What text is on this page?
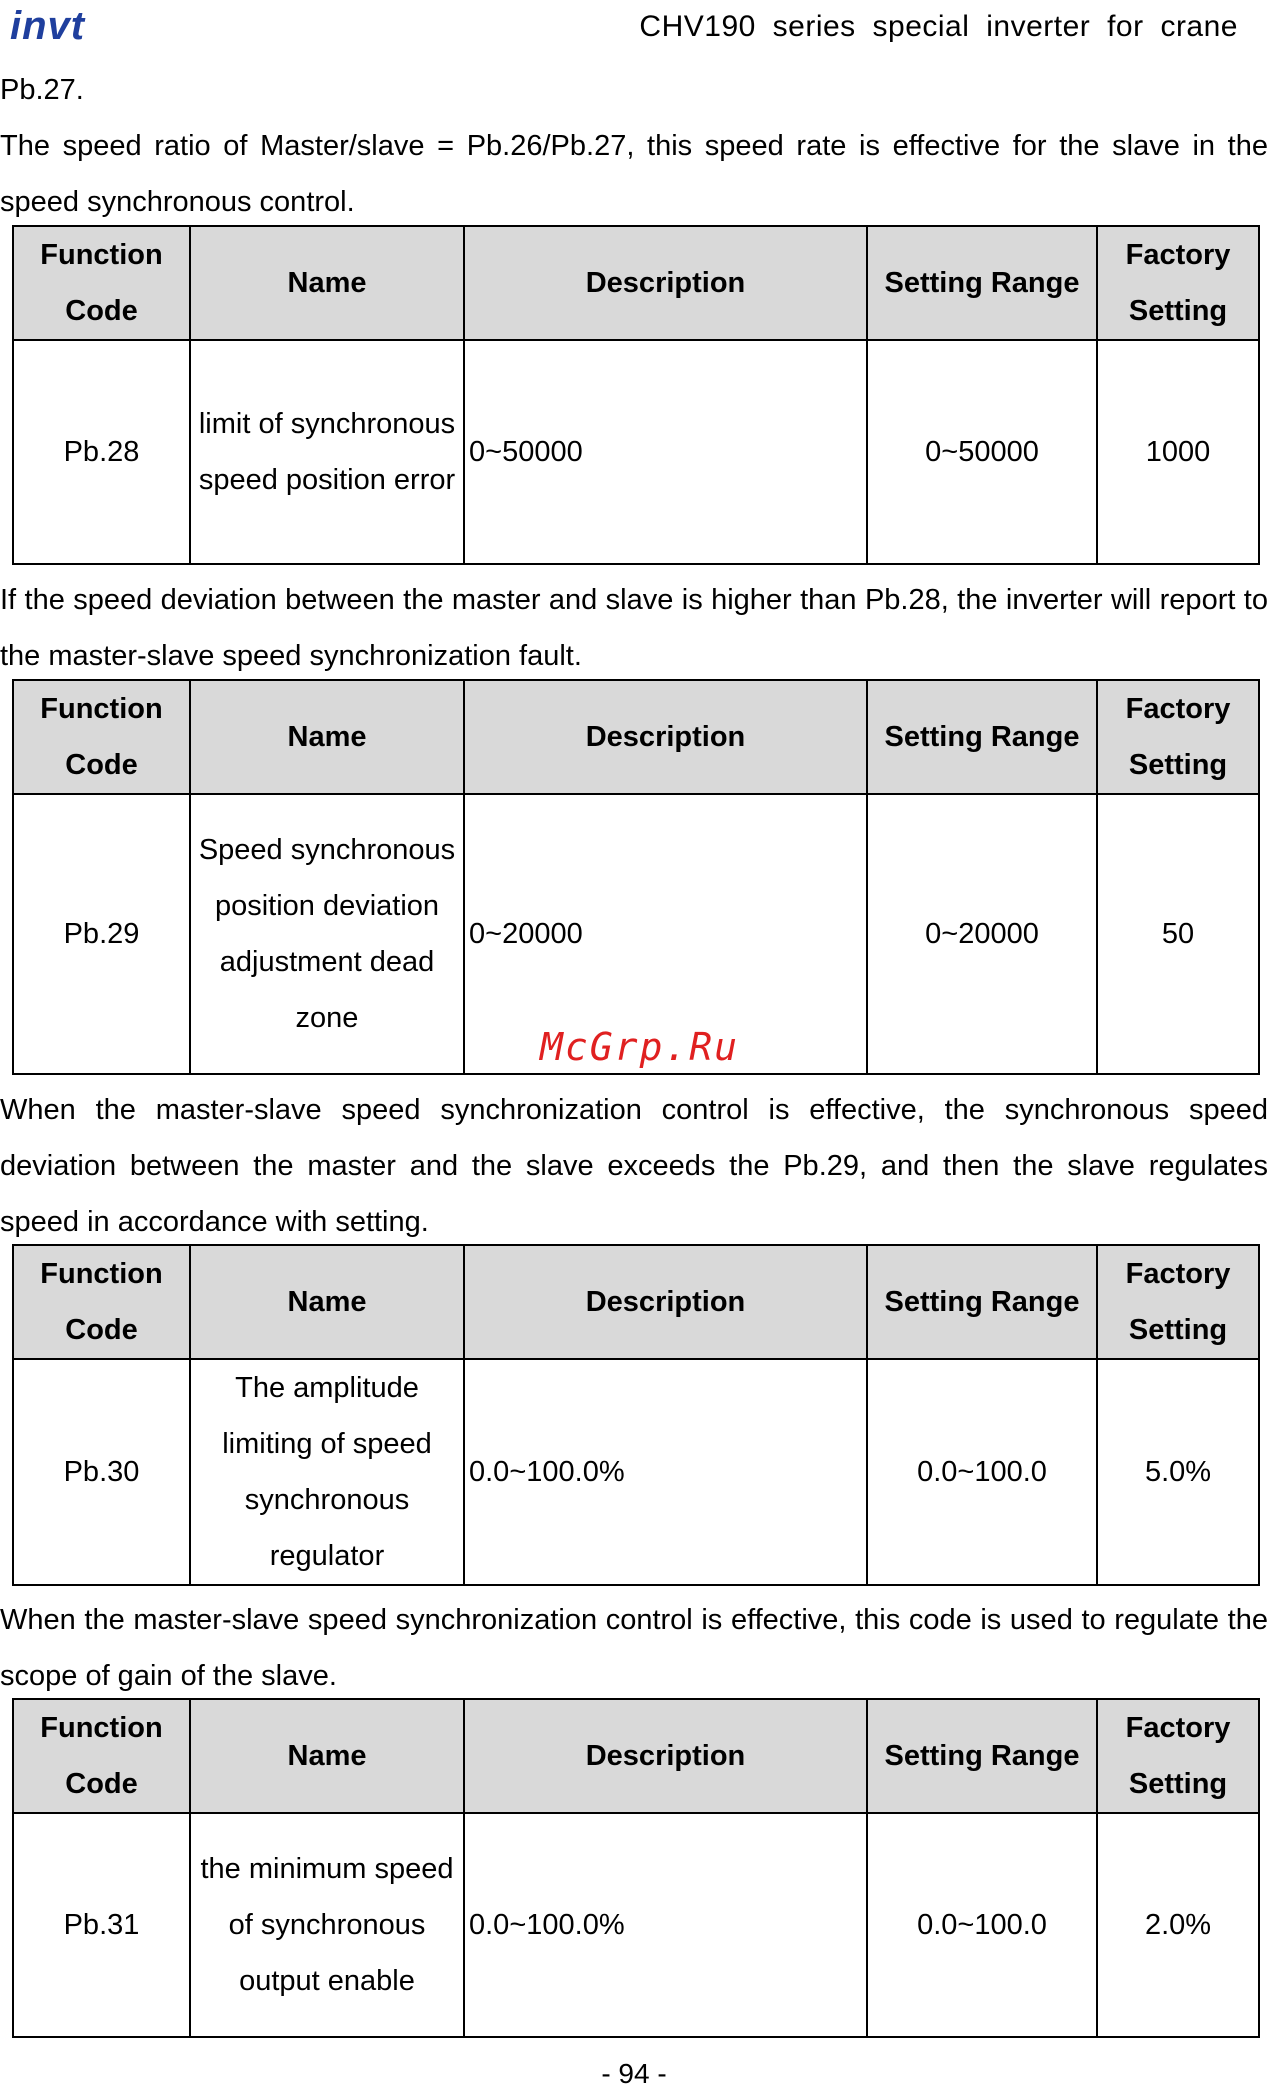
invt	CHV190 series special inverter for crane

Pb.27.

The speed ratio of Master/slave = Pb.26/Pb.27, this speed rate is effective for the slave in the speed synchronous control.

Function Code	Name	Description	Setting Range	Factory Setting
Pb.28	limit of synchronous speed position error	0~50000	0~50000	1000

If the speed deviation between the master and slave is higher than Pb.28, the inverter will report to the master-slave speed synchronization fault.

Function Code	Name	Description	Setting Range	Factory Setting
Pb.29	Speed synchronous position deviation adjustment dead zone	0~20000	0~20000	50

When the master-slave speed synchronization control is effective, the synchronous speed deviation between the master and the slave exceeds the Pb.29, and then the slave regulates speed in accordance with setting.

Function Code	Name	Description	Setting Range	Factory Setting
Pb.30	The amplitude limiting of speed synchronous regulator	0.0~100.0%	0.0~100.0	5.0%

When the master-slave speed synchronization control is effective, this code is used to regulate the scope of gain of the slave.

Function Code	Name	Description	Setting Range	Factory Setting
Pb.31	the minimum speed of synchronous output enable	0.0~100.0%	0.0~100.0	2.0%
McGrp.Ru
- 94 -
